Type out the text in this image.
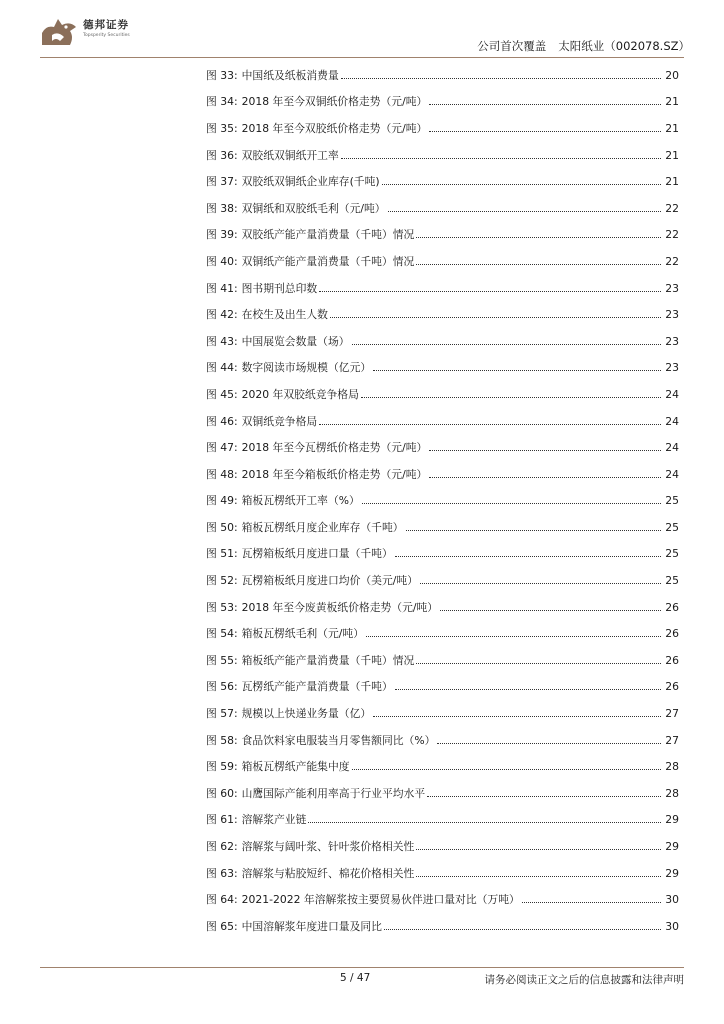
德邦证券
Topsperity Securities
公司首次覆盖 太阳纸业（002078.SZ）
图 33: 中国纸及纸板消费量	20
图 34: 2018 年至今双铜纸价格走势（元/吨）	21
图 35: 2018 年至今双胶纸价格走势（元/吨）	21
图 36: 双胶纸双铜纸开工率	21
图 37: 双胶纸双铜纸企业库存(千吨)	21
图 38: 双铜纸和双胶纸毛利（元/吨）	22
图 39: 双胶纸产能产量消费量（千吨）情况	22
图 40: 双铜纸产能产量消费量（千吨）情况	22
图 41: 图书期刊总印数	23
图 42: 在校生及出生人数	23
图 43: 中国展览会数量（场）	23
图 44: 数字阅读市场规模（亿元）	23
图 45: 2020 年双胶纸竞争格局	24
图 46: 双铜纸竞争格局	24
图 47: 2018 年至今瓦楞纸价格走势（元/吨）	24
图 48: 2018 年至今箱板纸价格走势（元/吨）	24
图 49: 箱板瓦楞纸开工率（%）	25
图 50: 箱板瓦楞纸月度企业库存（千吨）	25
图 51: 瓦楞箱板纸月度进口量（千吨）	25
图 52: 瓦楞箱板纸月度进口均价（美元/吨）	25
图 53: 2018 年至今废黄板纸价格走势（元/吨）	26
图 54: 箱板瓦楞纸毛利（元/吨）	26
图 55: 箱板纸产能产量消费量（千吨）情况	26
图 56: 瓦楞纸产能产量消费量（千吨）	26
图 57: 规模以上快递业务量（亿）	27
图 58: 食品饮料家电服装当月零售额同比（%）	27
图 59: 箱板瓦楞纸产能集中度	28
图 60: 山鹰国际产能利用率高于行业平均水平	28
图 61: 溶解浆产业链	29
图 62: 溶解浆与阔叶浆、针叶浆价格相关性	29
图 63: 溶解浆与粘胶短纤、棉花价格相关性	29
图 64: 2021-2022 年溶解浆按主要贸易伙伴进口量对比（万吨）	30
图 65: 中国溶解浆年度进口量及同比	30
5 / 47	请务必阅读正文之后的信息披露和法律声明
